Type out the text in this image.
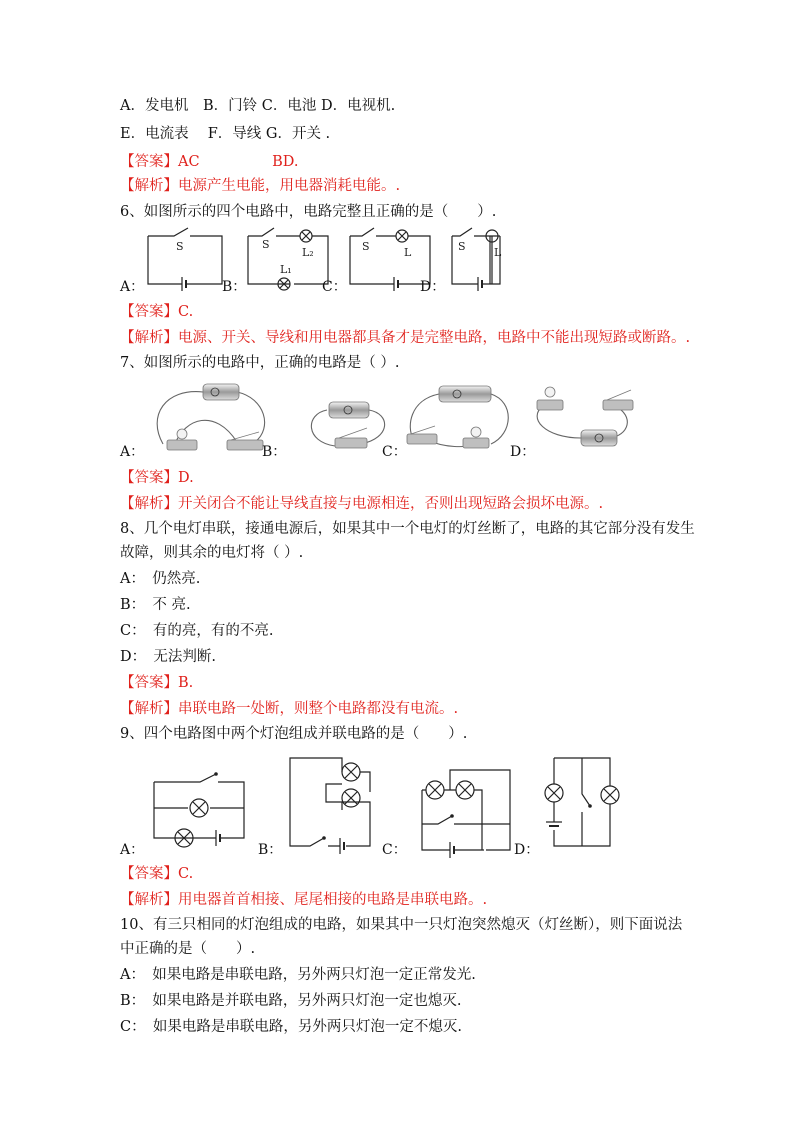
A．发电机　B．门铃 C．电池 D．电视机.
E．电流表　 F．导线 G．开关 .
【答案】AC　　　　　BD.
【解析】电源产生电能，用电器消耗电能。.
6、如图所示的四个电路中，电路完整且正确的是（　　）.
S	S
L₂
L₁
S	L	S	L
A：	B：	C：	D：
【答案】C.
【解析】电源、开关、导线和用电器都具备才是完整电路，电路中不能出现短路或断路。.
7、如图所示的电路中，正确的电路是（ ）.
A：	B：	C：	D：
【答案】D.
【解析】开关闭合不能让导线直接与电源相连，否则出现短路会损坏电源。.
8、几个电灯串联，接通电源后，如果其中一个电灯的灯丝断了，电路的其它部分没有发生
故障，则其余的电灯将（ ）.
A：　仍然亮.
B：　不 亮.
C：　有的亮，有的不亮.
D：　无法判断.
【答案】B.
【解析】串联电路一处断，则整个电路都没有电流。.
9、四个电路图中两个灯泡组成并联电路的是（　　）.
A：	B：	C：	D：
【答案】C.
【解析】用电器首首相接、尾尾相接的电路是串联电路。.
10、有三只相同的灯泡组成的电路，如果其中一只灯泡突然熄灭（灯丝断），则下面说法
中正确的是（　　）.
A：　如果电路是串联电路，另外两只灯泡一定正常发光.
B：　如果电路是并联电路，另外两只灯泡一定也熄灭.
C：　如果电路是串联电路，另外两只灯泡一定不熄灭.
